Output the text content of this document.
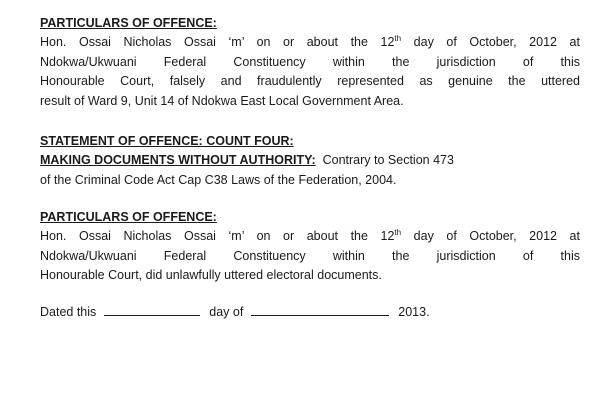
PARTICULARS OF OFFENCE:

Hon. Ossai Nicholas Ossai ‘m’ on or about the 12th day of October, 2012 at
Ndokwa/Ukwuani Federal Constituency within the jurisdiction of this
Honourable Court, falsely and fraudulently represented as genuine the uttered
result of Ward 9, Unit 14 of Ndokwa East Local Government Area.

STATEMENT OF OFFENCE: COUNT FOUR:

MAKING DOCUMENTS WITHOUT AUTHORITY:  Contrary to Section 473

of the Criminal Code Act Cap C38 Laws of the Federation, 2004.

PARTICULARS OF OFFENCE:

Hon. Ossai Nicholas Ossai ‘m’ on or about the 12th day of October, 2012 at
Ndokwa/Ukwuani Federal Constituency within the jurisdiction of this
Honourable Court, did unlawfully uttered electoral documents.

Dated this	day of	2013.
